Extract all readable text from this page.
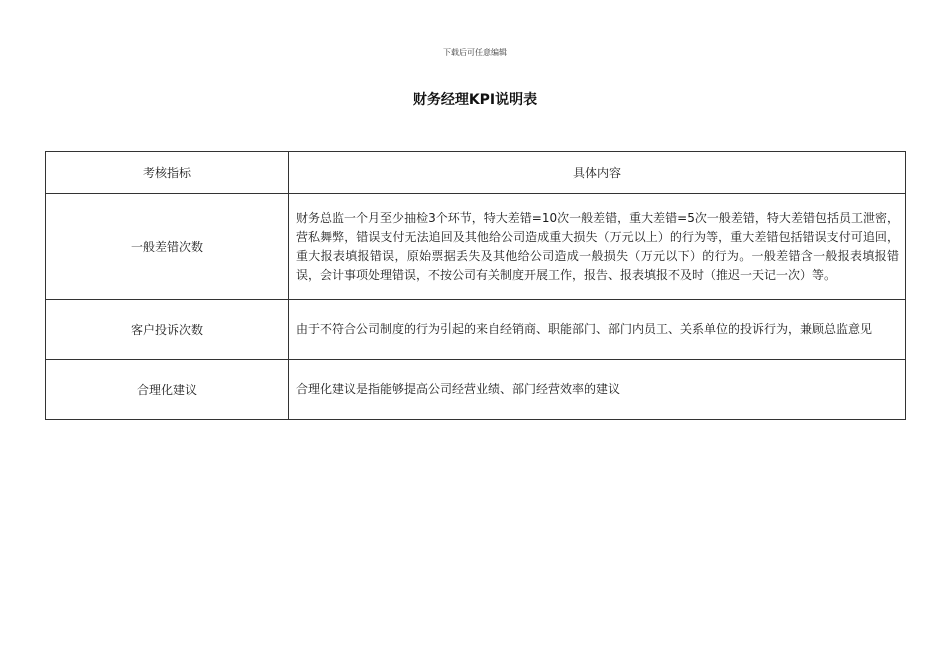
下载后可任意编辑
财务经理KPI说明表
考核指标	具体内容
一般差错次数	财务总监一个月至少抽检3个环节，特大差错=10次一般差错，重大差错=5次一般差错，特大差错包括员工泄密，营私舞弊，错误支付无法追回及其他给公司造成重大损失（万元以上）的行为等，重大差错包括错误支付可追回，重大报表填报错误，原始票据丢失及其他给公司造成一般损失（万元以下）的行为。一般差错含一般报表填报错误，会计事项处理错误，不按公司有关制度开展工作，报告、报表填报不及时（推迟一天记一次）等。
客户投诉次数	由于不符合公司制度的行为引起的来自经销商、职能部门、部门内员工、关系单位的投诉行为，兼顾总监意见
合理化建议	合理化建议是指能够提高公司经营业绩、部门经营效率的建议
